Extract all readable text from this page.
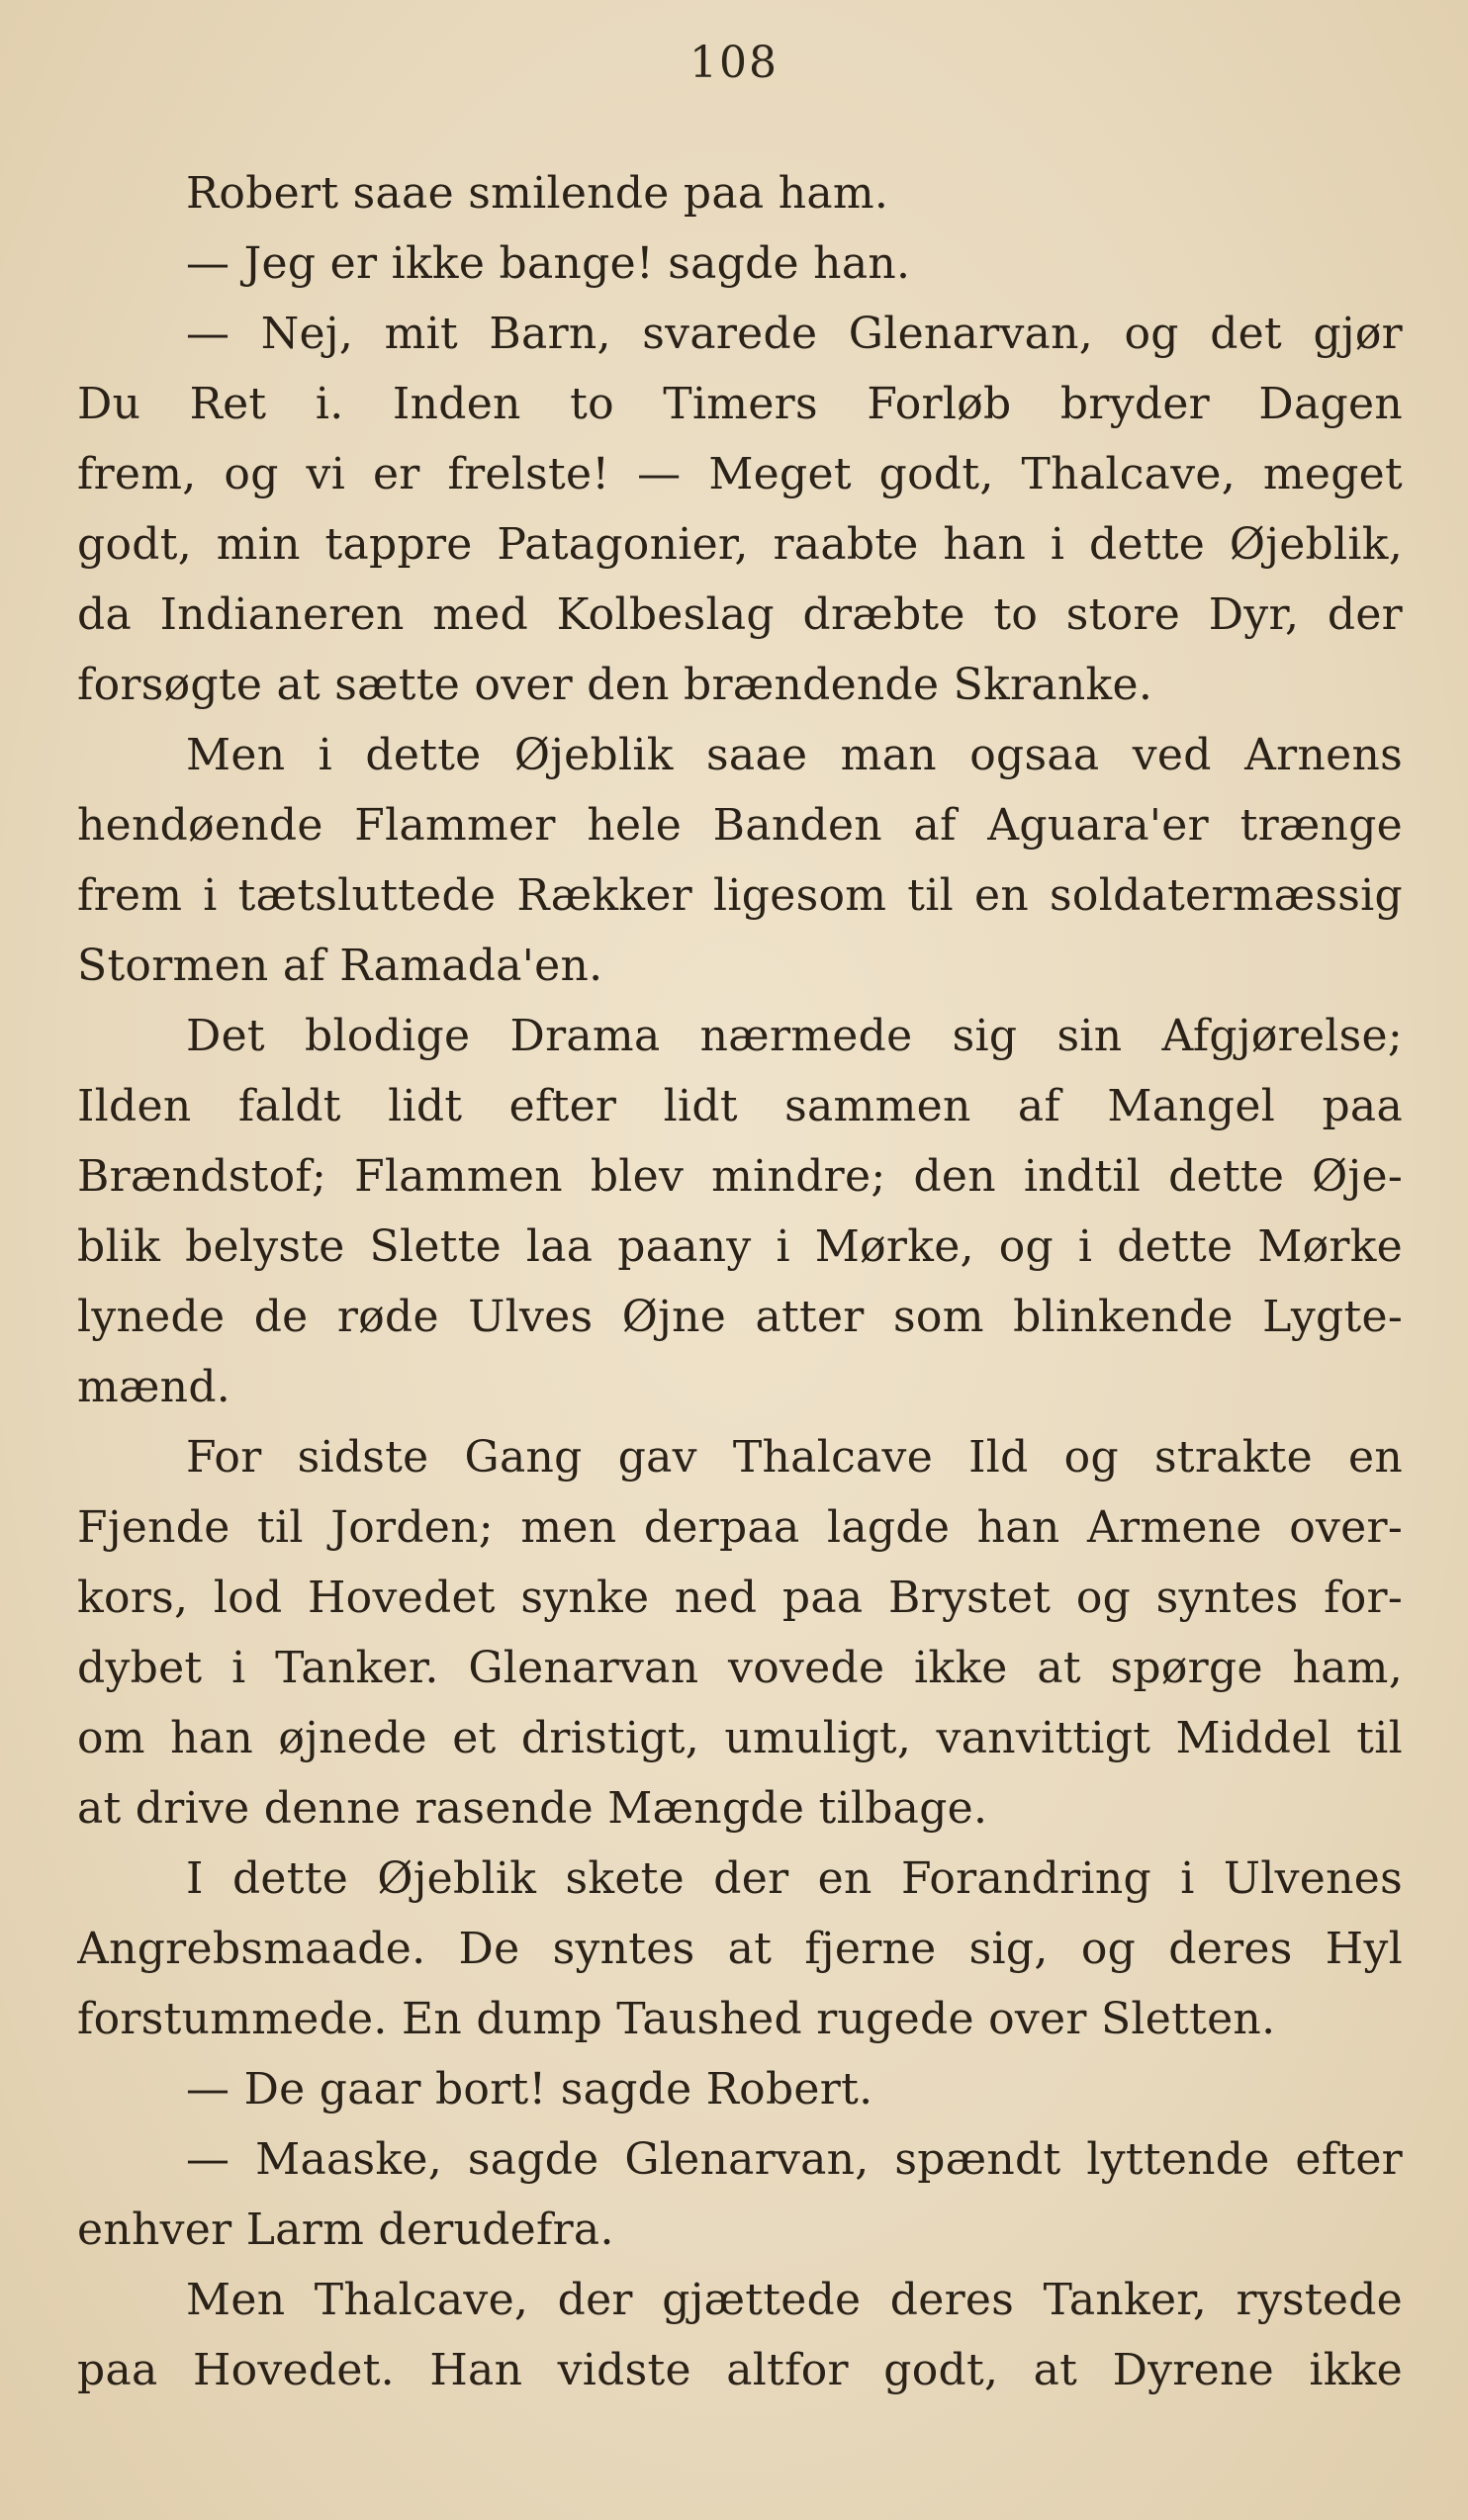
108
Robert saae smilende paa ham.
— Jeg er ikke bange! sagde han.
— Nej, mit Barn, svarede Glenarvan, og det gjør
Du Ret i. Inden to Timers Forløb bryder Dagen
frem, og vi er frelste! — Meget godt, Thalcave, meget
godt, min tappre Patagonier, raabte han i dette Øjeblik,
da Indianeren med Kolbeslag dræbte to store Dyr, der
forsøgte at sætte over den brændende Skranke.
Men i dette Øjeblik saae man ogsaa ved Arnens
hendøende Flammer hele Banden af Aguara'er trænge
frem i tætsluttede Rækker ligesom til en soldatermæssig
Stormen af Ramada'en.
Det blodige Drama nærmede sig sin Afgjørelse;
Ilden faldt lidt efter lidt sammen af Mangel paa
Brændstof; Flammen blev mindre; den indtil dette Øje-
blik belyste Slette laa paany i Mørke, og i dette Mørke
lynede de røde Ulves Øjne atter som blinkende Lygte-
mænd.
For sidste Gang gav Thalcave Ild og strakte en
Fjende til Jorden; men derpaa lagde han Armene over-
kors, lod Hovedet synke ned paa Brystet og syntes for-
dybet i Tanker. Glenarvan vovede ikke at spørge ham,
om han øjnede et dristigt, umuligt, vanvittigt Middel til
at drive denne rasende Mængde tilbage.
I dette Øjeblik skete der en Forandring i Ulvenes
Angrebsmaade. De syntes at fjerne sig, og deres Hyl
forstummede. En dump Taushed rugede over Sletten.
— De gaar bort! sagde Robert.
— Maaske, sagde Glenarvan, spændt lyttende efter
enhver Larm derudefra.
Men Thalcave, der gjættede deres Tanker, rystede
paa Hovedet. Han vidste altfor godt, at Dyrene ikke
